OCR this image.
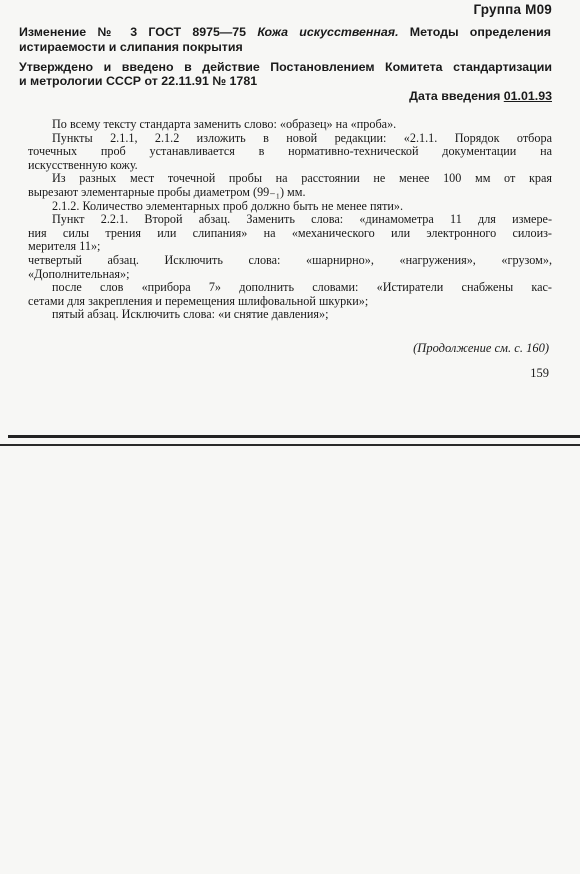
Группа М09
Изменение № 3 ГОСТ 8975—75 Кожа искусственная. Методы определения истираемости и слипания покрытия
Утверждено и введено в действие Постановлением Комитета стандартизации
и метрологии СССР от 22.11.91 № 1781
Дата введения 01.01.93
По всему тексту стандарта заменить слово: «образец» на «проба».
Пункты 2.1.1, 2.1.2 изложить в новой редакции: «2.1.1. Порядок отбора
точечных проб устанавливается в нормативно-технической документации на
искусственную кожу.
Из разных мест точечной пробы на расстоянии не менее 100 мм от края
вырезают элементарные пробы диаметром (99₋₁) мм.
2.1.2. Количество элементарных проб должно быть не менее пяти».
Пункт 2.2.1. Второй абзац. Заменить слова: «динамометра 11 для измере-
ния силы трения или слипания» на «механического или электронного силоиз-
мерителя 11»;
четвертый абзац. Исключить слова: «шарнирно», «нагружения», «грузом»,
«Дополнительная»;
после слов «прибора 7» дополнить словами: «Истиратели снабжены кас-
сетами для закрепления и перемещения шлифовальной шкурки»;
пятый абзац. Исключить слова: «и снятие давления»;
(Продолжение см. с. 160)
159
